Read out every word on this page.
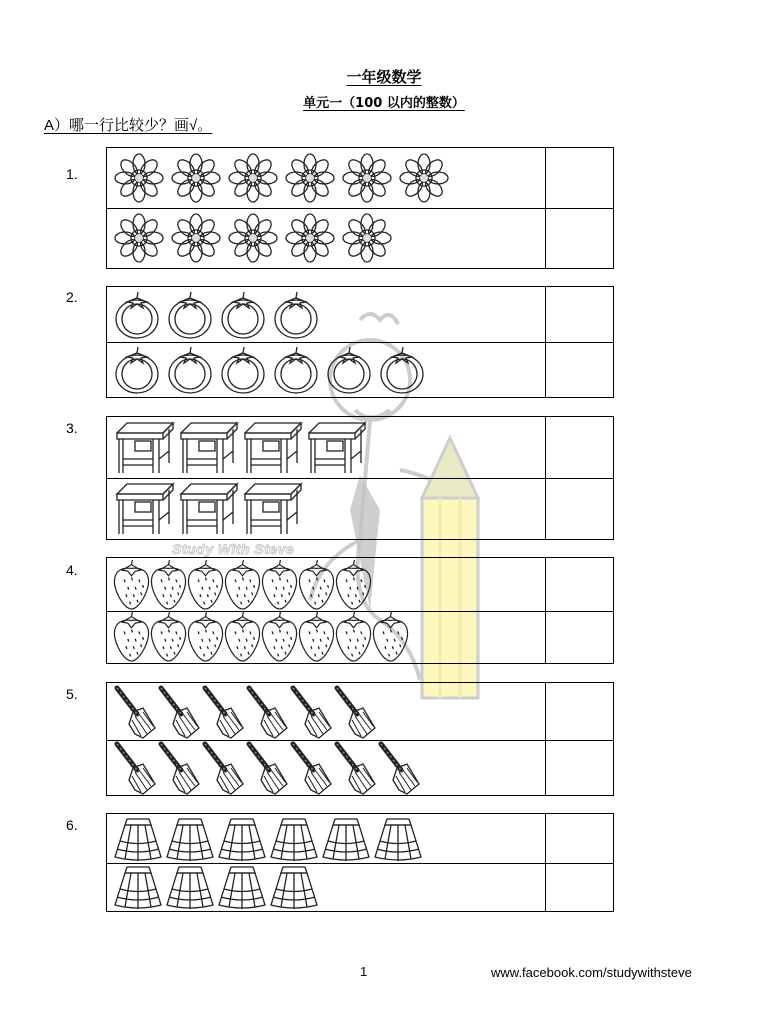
一年级数学
单元一（100 以内的整数）
A）哪一行比较少？画√。
Study With Steve
1.
2.
3.
4.
5.
6.
1	www.facebook.com/studywithsteve
